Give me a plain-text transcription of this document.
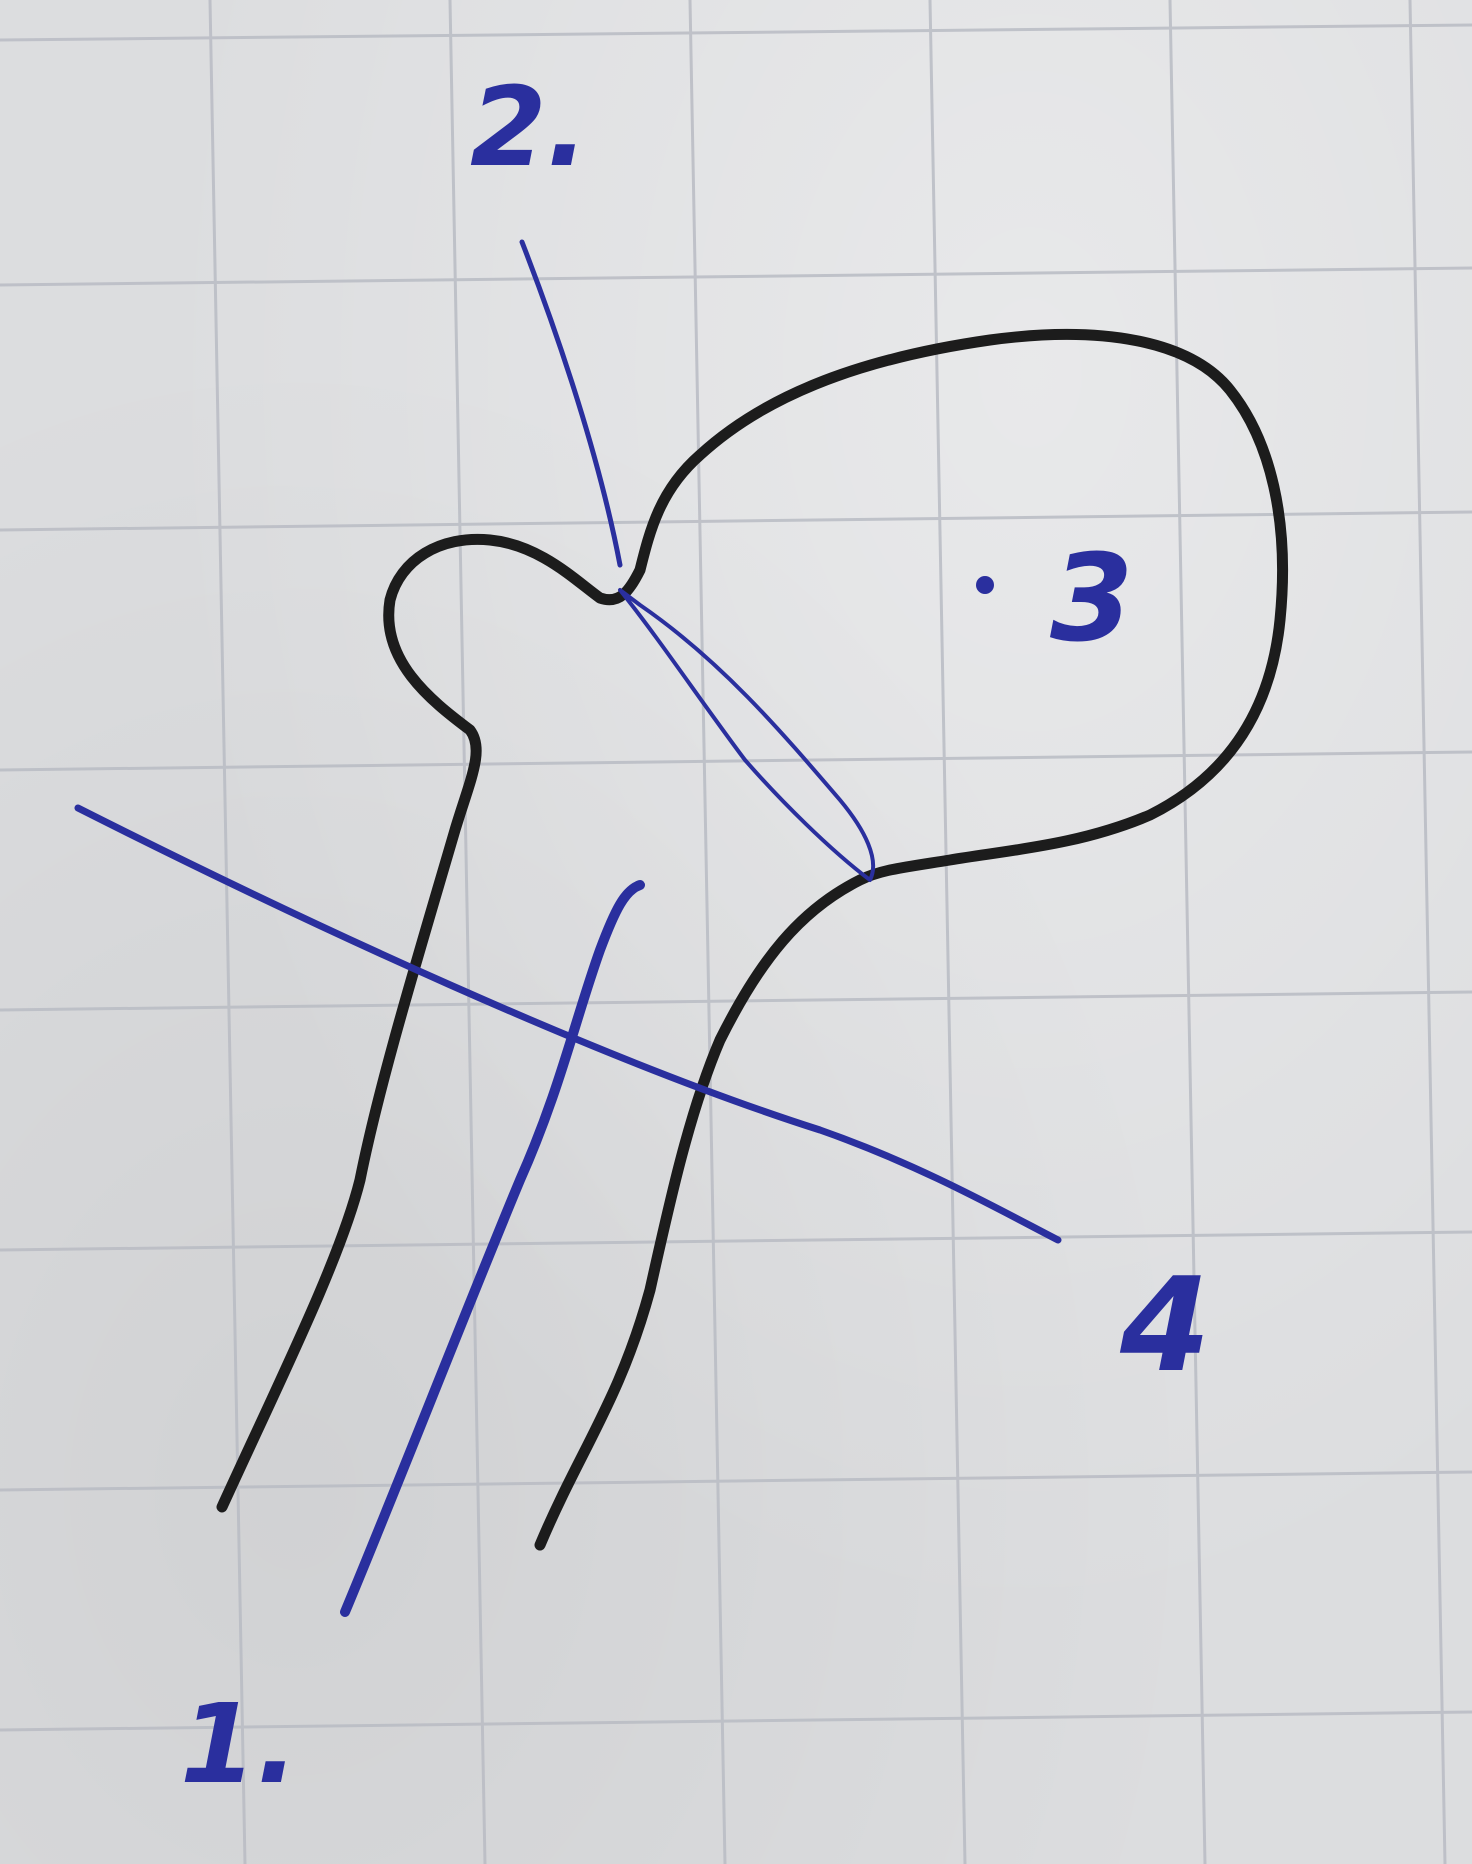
1.
2.
3
4
